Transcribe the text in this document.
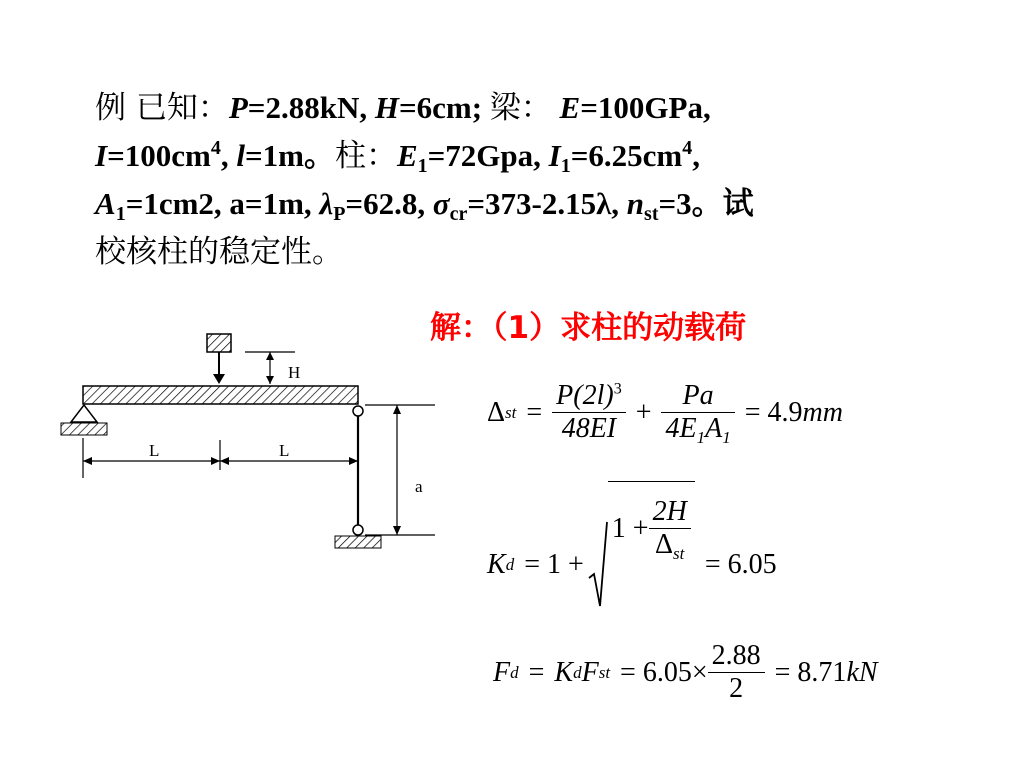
例 已知：P=2.88kN, H=6cm; 梁： E=100GPa,
$I=100cm^4$, l=1m。柱：$E_1=72Gpa$, $I_1=6.25cm^4$,
$A_1=1cm2$, a=1m, $\lambda_P=62.8$, $\sigma_{cr}=373-2.15\lambda$, $n_{st}=3$。试
校核柱的稳定性。
解：（1）求柱的动载荷
H
a
L	L
Δ st = $\frac{P(2l)^3}{48EI} + \frac{Pa}{4E_1A_1} = 4.9$ mm
K d = 1 +
$1 + \frac{2H}{\Delta_{st}}$
= 6.05
F d = K d F st = $6.05\times \frac{2.88}{2} = 8.71$ kN
